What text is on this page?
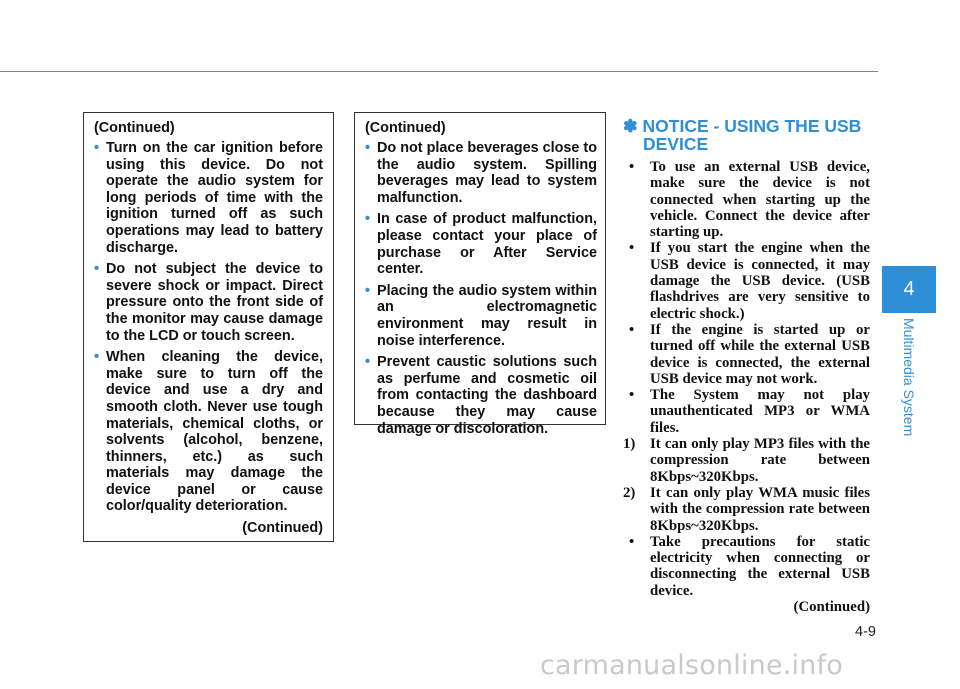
(Continued)
• Turn on the car ignition before using this device. Do not operate the audio system for long periods of time with the ignition turned off as such operations may lead to battery discharge.
• Do not subject the device to severe shock or impact. Direct pressure onto the front side of the monitor may cause damage to the LCD or touch screen.
• When cleaning the device, make sure to turn off the device and use a dry and smooth cloth. Never use tough materials, chemical cloths, or solvents (alcohol, benzene, thinners, etc.) as such materials may damage the device panel or cause color/quality deterioration.
(Continued)
(Continued)
• Do not place beverages close to the audio system. Spilling beverages may lead to system malfunction.
• In case of product malfunction, please contact your place of purchase or After Service center.
• Placing the audio system within an electromagnetic environment may result in noise interference.
• Prevent caustic solutions such as perfume and cosmetic oil from contacting the dashboard because they may cause damage or discoloration.
✽ NOTICE - USING THE USB DEVICE
• To use an external USB device, make sure the device is not connected when starting up the vehicle. Connect the device after starting up.
• If you start the engine when the USB device is connected, it may damage the USB device. (USB flashdrives are very sensitive to electric shock.)
• If the engine is started up or turned off while the external USB device is connected, the external USB device may not work.
• The System may not play unauthenticated MP3 or WMA files.
1) It can only play MP3 files with the compression rate between 8Kbps~320Kbps.
2) It can only play WMA music files with the compression rate between 8Kbps~320Kbps.
• Take precautions for static electricity when connecting or disconnecting the external USB device.
(Continued)
4
Multimedia System
4-9
carmanualsonline.info
